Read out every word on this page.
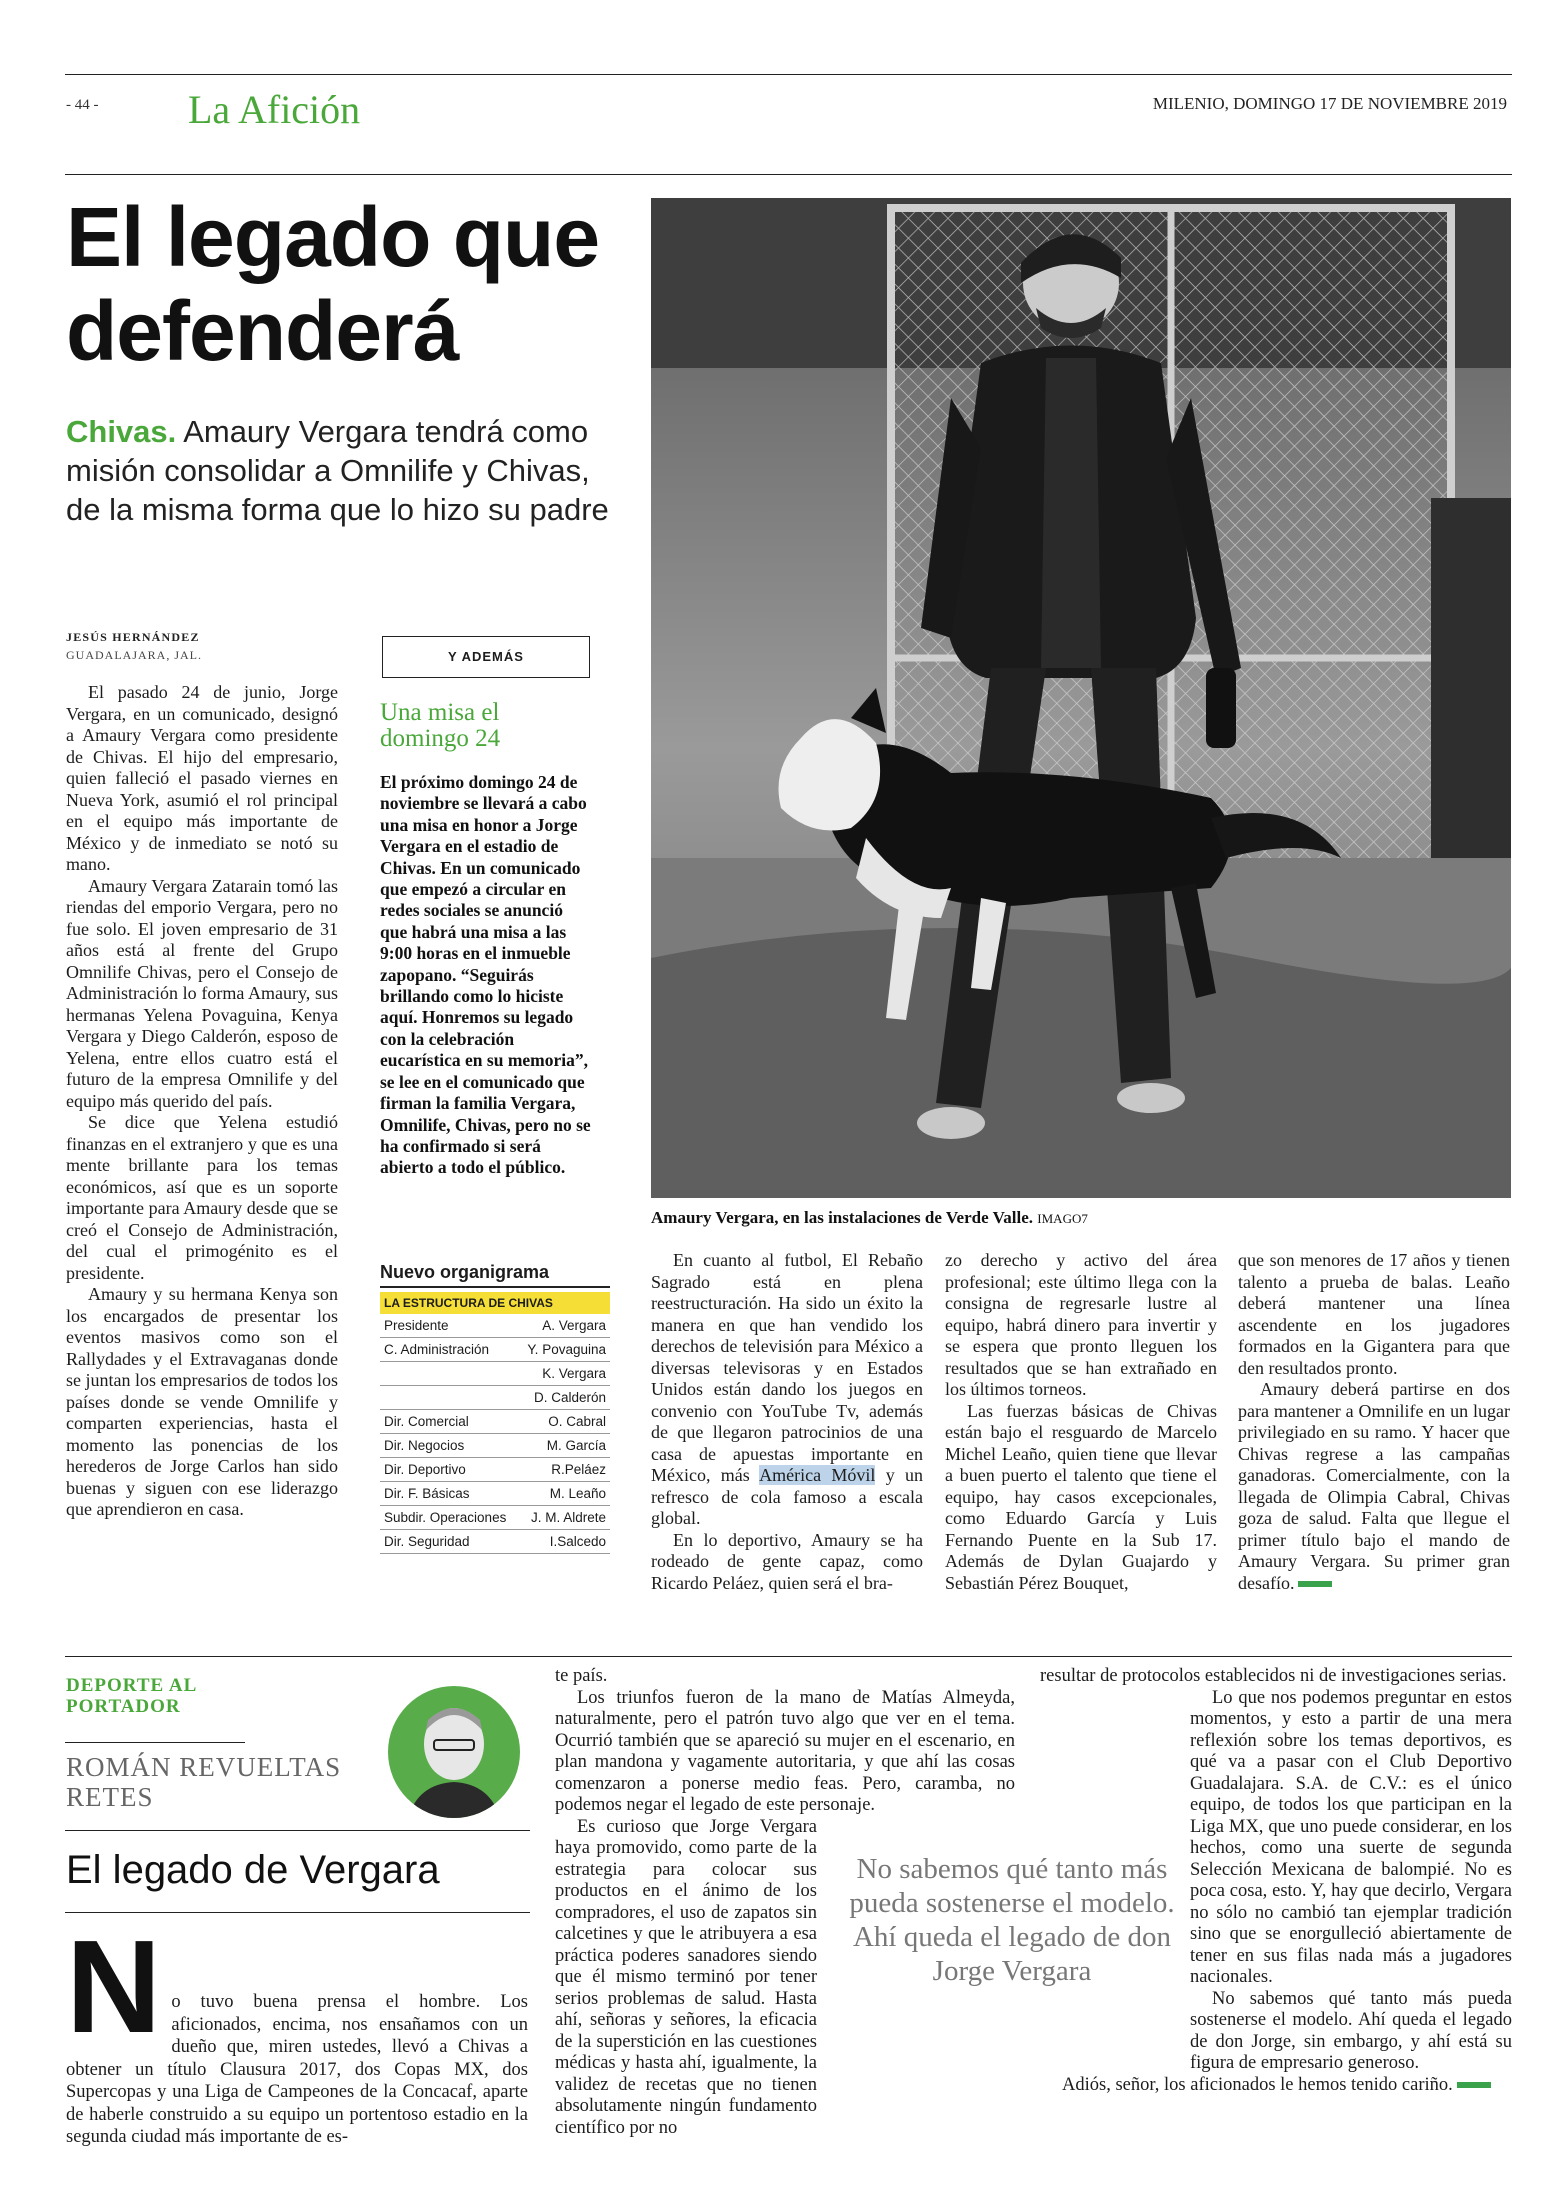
- 44 - La Afición	MILENIO, DOMINGO 17 DE NOVIEMBRE 2019
El legado que defenderá
Chivas. Amaury Vergara tendrá como misión consolidar a Omnilife y Chivas, de la misma forma que lo hizo su padre
Amaury Vergara, en las instalaciones de Verde Valle. IMAGO7
JESÚS HERNÁNDEZ
GUADALAJARA, JAL.

El pasado 24 de junio, Jorge Vergara, en un comunicado, designó a Amaury Vergara como presidente de Chivas. El hijo del empresario, quien falleció el pasado viernes en Nueva York, asumió el rol principal en el equipo más importante de México y de inmediato se notó su mano.

Amaury Vergara Zatarain tomó las riendas del emporio Vergara, pero no fue solo. El joven empresario de 31 años está al frente del Grupo Omnilife Chivas, pero el Consejo de Administración lo forma Amaury, sus hermanas Yelena Povaguina, Kenya Vergara y Diego Calderón, esposo de Yelena, entre ellos cuatro está el futuro de la empresa Omnilife y del equipo más querido del país.

Se dice que Yelena estudió finanzas en el extranjero y que es una mente brillante para los temas económicos, así que es un soporte importante para Amaury desde que se creó el Consejo de Administración, del cual el primogénito es el presidente.

Amaury y su hermana Kenya son los encargados de presentar los eventos masivos como son el Rallydades y el Extravaganas donde se juntan los empresarios de todos los países donde se vende Omnilife y comparten experiencias, hasta el momento las ponencias de los herederos de Jorge Carlos han sido buenas y siguen con ese liderazgo que aprendieron en casa.

Y ADEMÁS
Una misa el domingo 24
El próximo domingo 24 de noviembre se llevará a cabo una misa en honor a Jorge Vergara en el estadio de Chivas. En un comunicado que empezó a circular en redes sociales se anunció que habrá una misa a las 9:00 horas en el inmueble zapopano. “Seguirás brillando como lo hiciste aquí. Honremos su legado con la celebración eucarística en su memoria”, se lee en el comunicado que firman la familia Vergara, Omnilife, Chivas, pero no se ha confirmado si será abierto a todo el público.
Nuevo organigrama
LA ESTRUCTURA DE CHIVAS
Presidente	A. Vergara
C. Administración	Y. Povaguina
	K. Vergara
	D. Calderón
Dir. Comercial	O. Cabral
Dir. Negocios	M. García
Dir. Deportivo	R.Peláez
Dir. F. Básicas	M. Leaño
Subdir. Operaciones	J. M. Aldrete
Dir. Seguridad	I.Salcedo

En cuanto al futbol, El Rebaño Sagrado está en plena reestructuración. Ha sido un éxito la manera en que han vendido los derechos de televisión para México a diversas televisoras y en Estados Unidos están dando los juegos en convenio con YouTube Tv, además de que llegaron patrocinios de una casa de apuestas importante en México, más América Móvil y un refresco de cola famoso a escala global.

En lo deportivo, Amaury se ha rodeado de gente capaz, como Ricardo Peláez, quien será el bra-

zo derecho y activo del área profesional; este último llega con la consigna de regresarle lustre al equipo, habrá dinero para invertir y se espera que pronto lleguen los resultados que se han extrañado en los últimos torneos.

Las fuerzas básicas de Chivas están bajo el resguardo de Marcelo Michel Leaño, quien tiene que llevar a buen puerto el talento que tiene el equipo, hay casos excepcionales, como Eduardo García y Luis Fernando Puente en la Sub 17. Además de Dylan Guajardo y Sebastián Pérez Bouquet,

que son menores de 17 años y tienen talento a prueba de balas. Leaño deberá mantener una línea ascendente en los jugadores formados en la Gigantera para que den resultados pronto.

Amaury deberá partirse en dos para mantener a Omnilife en un lugar privilegiado en su ramo. Y hacer que Chivas regrese a las campañas ganadoras. Comercialmente, con la llegada de Olimpia Cabral, Chivas goza de salud. Falta que llegue el primer título bajo el mando de Amaury Vergara. Su primer gran desafío.

DEPORTE AL PORTADOR
ROMÁN REVUELTAS RETES
El legado de Vergara
N o tuvo buena prensa el hombre. Los aficionados, encima, nos ensañamos con un dueño que, miren ustedes, llevó a Chivas a obtener un título Clausura 2017, dos Copas MX, dos Supercopas y una Liga de Campeones de la Concacaf, aparte de haberle construido a su equipo un portentoso estadio en la segunda ciudad más importante de es-

te país.

Los triunfos fueron de la mano de Matías Almeyda, naturalmente, pero el patrón tuvo algo que ver en el tema. Ocurrió también que se apareció su mujer en el escenario, en plan mandona y vagamente autoritaria, y que ahí las cosas comenzaron a ponerse medio feas. Pero, caramba, no podemos negar el legado de este personaje.

Es curioso que Jorge Vergara haya promovido, como parte de la estrategia para colocar sus productos en el ánimo de los compradores, el uso de zapatos sin calcetines y que le atribuyera a esa práctica poderes sanadores siendo que él mismo terminó por tener serios problemas de salud. Hasta ahí, señoras y señores, la eficacia de la superstición en las cuestiones médicas y hasta ahí, igualmente, la validez de recetas que no tienen absolutamente ningún fundamento científico por no

No sabemos qué tanto más pueda sostenerse el modelo. Ahí queda el legado de don Jorge Vergara

resultar de protocolos establecidos ni de investigaciones serias.

Lo que nos podemos preguntar en estos momentos, y esto a partir de una mera reflexión sobre los temas deportivos, es qué va a pasar con el Club Deportivo Guadalajara. S.A. de C.V.: es el único equipo, de todos los que participan en la Liga MX, que uno puede considerar, en los hechos, como una suerte de segunda Selección Mexicana de balompié. No es poca cosa, esto. Y, hay que decirlo, Vergara no sólo no cambió tan ejemplar tradición sino que se enorgulleció abiertamente de tener en sus filas nada más a jugadores nacionales.

No sabemos qué tanto más pueda sostenerse el modelo. Ahí queda el legado de don Jorge, sin embargo, y ahí está su figura de empresario generoso.

Adiós, señor, los aficionados le hemos tenido cariño.
